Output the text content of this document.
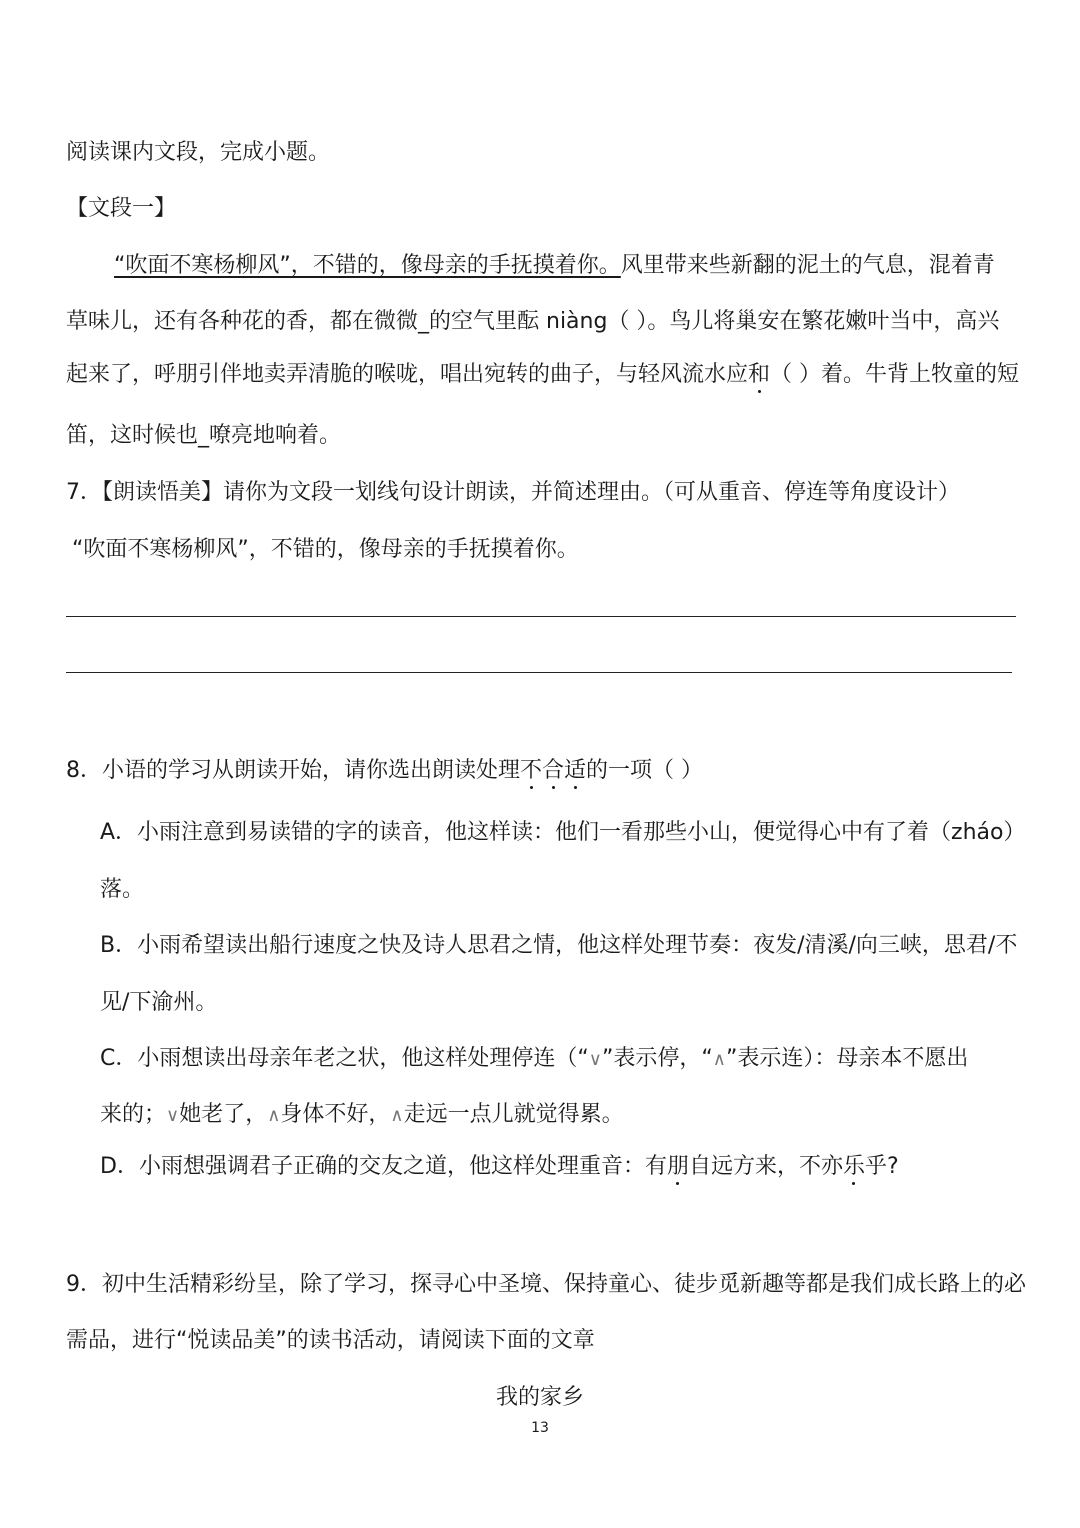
阅读课内文段，完成小题。
【文段一】
“吹面不寒杨柳风”，不错的，像母亲的手抚摸着你。风里带来些新翻的泥土的气息，混着青
草味儿，还有各种花的香，都在微微_的空气里酝 niàng（ ）。鸟儿将巢安在繁花嫩叶当中，高兴
起来了，呼朋引伴地卖弄清脆的喉咙，唱出宛转的曲子，与轻风流水应和（ ）着。牛背上牧童的短
笛，这时候也_嘹亮地响着。
7．【朗读悟美】请你为文段一划线句设计朗读，并简述理由。（可从重音、停连等角度设计）
“吹面不寒杨柳风”，不错的，像母亲的手抚摸着你。
8．小语的学习从朗读开始，请你选出朗读处理不合适的一项（ ）
A．小雨注意到易读错的字的读音，他这样读：他们一看那些小山，便觉得心中有了着（zháo）
落。
B．小雨希望读出船行速度之快及诗人思君之情，他这样处理节奏：夜发/清溪/向三峡，思君/不
见/下渝州。
C．小雨想读出母亲年老之状，他这样处理停连（“∨”表示停，“∧”表示连）：母亲本不愿出
来的；∨她老了，∧身体不好，∧走远一点儿就觉得累。
D．小雨想强调君子正确的交友之道，他这样处理重音：有朋自远方来，不亦乐乎?
9．初中生活精彩纷呈，除了学习，探寻心中圣境、保持童心、徒步觅新趣等都是我们成长路上的必
需品，进行“悦读品美”的读书活动，请阅读下面的文章
我的家乡
13
